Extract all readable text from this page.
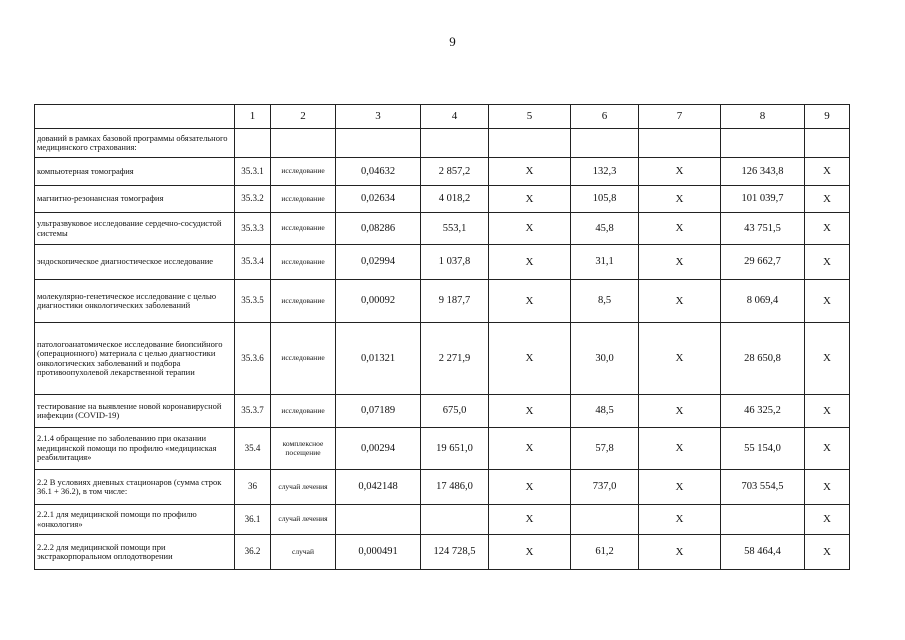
9
	1	2	3	4	5	6	7	8	9
дований в рамках базовой программы обязательного медицинского страхования:									
компьютерная томография	35.3.1	исследование	0,04632	2 857,2	X	132,3	X	126 343,8	X
магнитно-резонансная томография	35.3.2	исследование	0,02634	4 018,2	X	105,8	X	101 039,7	X
ультразвуковое исследование сердечно-сосудистой системы	35.3.3	исследование	0,08286	553,1	X	45,8	X	43 751,5	X
эндоскопическое диагностическое исследование	35.3.4	исследование	0,02994	1 037,8	X	31,1	X	29 662,7	X
молекулярно-генетическое исследование с целью диагностики онкологических заболеваний	35.3.5	исследование	0,00092	9 187,7	X	8,5	X	8 069,4	X
патологоанатомическое исследование биопсийного (операционного) материала с целью диагностики онкологических заболеваний и подбора противоопухолевой лекарственной терапии	35.3.6	исследование	0,01321	2 271,9	X	30,0	X	28 650,8	X
тестирование на выявление новой коронавирусной инфекции (COVID-19)	35.3.7	исследование	0,07189	675,0	X	48,5	X	46 325,2	X
2.1.4 обращение по заболеванию при оказании медицинской помощи по профилю «медицинская реабилитация»	35.4	комплексное посещение	0,00294	19 651,0	X	57,8	X	55 154,0	X
2.2 В условиях дневных стационаров (сумма строк 36.1 + 36.2), в том числе:	36	случай лечения	0,042148	17 486,0	X	737,0	X	703 554,5	X
2.2.1 для медицинской помощи по профилю «онкология»	36.1	случай лечения			X		X		X
2.2.2 для медицинской помощи при экстракорпоральном оплодотворении	36.2	случай	0,000491	124 728,5	X	61,2	X	58 464,4	X
